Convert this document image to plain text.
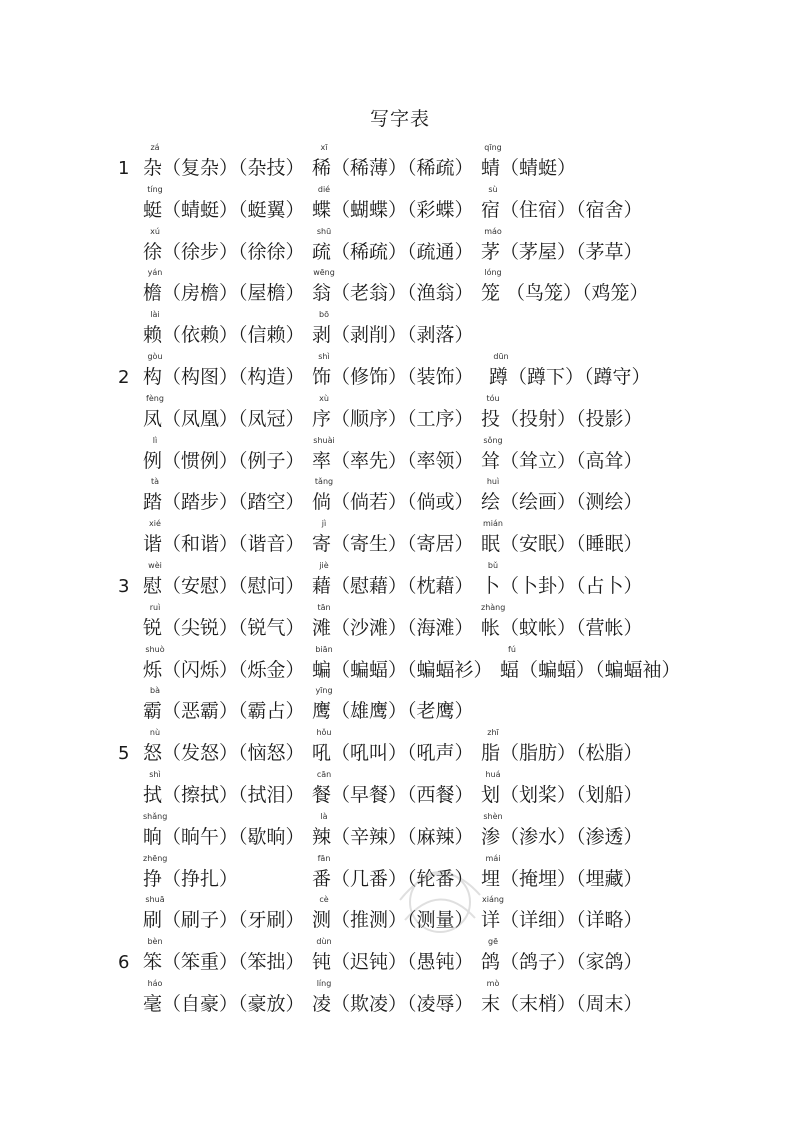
写字表
1
zá
杂（复杂）（杂技）
xī
稀（稀薄）（稀疏）
qīng
蜻（蜻蜓）
tíng
蜓（蜻蜓）（蜓翼）
dié
蝶（蝴蝶）（彩蝶）
sù
宿（住宿）（宿舍）
xú
徐（徐步）（徐徐）
shū
疏（稀疏）（疏通）
máo
茅（茅屋）（茅草）
yán
檐（房檐）（屋檐）
wēng
翁（老翁）（渔翁）
lóng
笼 （鸟笼）（鸡笼）
lài
赖（依赖）（信赖）
bō
剥（剥削）（剥落）
2
gòu
构（构图）（构造）
shì
饰（修饰）（装饰）
dūn
蹲（蹲下）（蹲守）
fèng
凤（凤凰）（凤冠）
xù
序（顺序）（工序）
tóu
投（投射）（投影）
lì
例（惯例）（例子）
shuài
率（率先）（率领）
sǒng
耸（耸立）（高耸）
tà
踏（踏步）（踏空）
tǎng
倘（倘若）（倘或）
huì
绘（绘画）（测绘）
xié
谐（和谐）（谐音）
jì
寄（寄生）（寄居）
mián
眠（安眠）（睡眠）
3
wèi
慰（安慰）（慰问）
jiè
藉（慰藉）（枕藉）
bǔ
卜（卜卦）（占卜）
ruì
锐（尖锐）（锐气）
tān
滩（沙滩）（海滩）
zhàng
帐（蚊帐）（营帐）
shuò
烁（闪烁）（烁金）
biān
蝙（蝙蝠）（蝙蝠衫）
fú
蝠（蝙蝠）（蝙蝠袖）
bà
霸（恶霸）（霸占）
yīng
鹰（雄鹰）（老鹰）
5
nù
怒（发怒）（恼怒）
hǒu
吼（吼叫）（吼声）
zhī
脂（脂肪）（松脂）
shì
拭（擦拭）（拭泪）
cān
餐（早餐）（西餐）
huá
划（划桨）（划船）
shǎng
晌（晌午）（歇晌）
là
辣（辛辣）（麻辣）
shèn
渗（渗水）（渗透）
zhēng
挣（挣扎）
fān
番（几番）（轮番）
mái
埋（掩埋）（埋藏）
shuā
刷（刷子）（牙刷）
cè
测（推测）（测量）
xiáng
详（详细）（详略）
6
bèn
笨（笨重）（笨拙）
dùn
钝（迟钝）（愚钝）
gē
鸽（鸽子）（家鸽）
háo
毫（自豪）（豪放）
líng
凌（欺凌）（凌辱）
mò
末（末梢）（周末）
